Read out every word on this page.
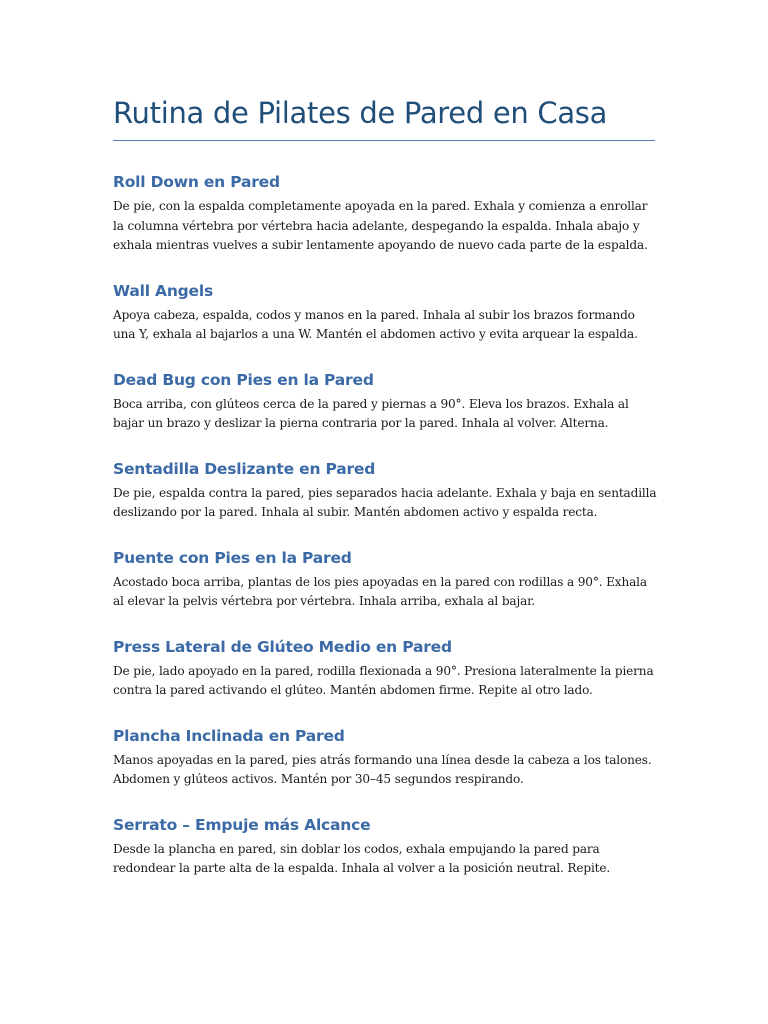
Rutina de Pilates de Pared en Casa
Roll Down en Pared

De pie, con la espalda completamente apoyada en la pared. Exhala y comienza a enrollar la columna vértebra por vértebra hacia adelante, despegando la espalda. Inhala abajo y exhala mientras vuelves a subir lentamente apoyando de nuevo cada parte de la espalda.

Wall Angels

Apoya cabeza, espalda, codos y manos en la pared. Inhala al subir los brazos formando una Y, exhala al bajarlos a una W. Mantén el abdomen activo y evita arquear la espalda.

Dead Bug con Pies en la Pared

Boca arriba, con glúteos cerca de la pared y piernas a 90°. Eleva los brazos. Exhala al bajar un brazo y deslizar la pierna contraria por la pared. Inhala al volver. Alterna.

Sentadilla Deslizante en Pared

De pie, espalda contra la pared, pies separados hacia adelante. Exhala y baja en sentadilla deslizando por la pared. Inhala al subir. Mantén abdomen activo y espalda recta.

Puente con Pies en la Pared

Acostado boca arriba, plantas de los pies apoyadas en la pared con rodillas a 90°. Exhala al elevar la pelvis vértebra por vértebra. Inhala arriba, exhala al bajar.

Press Lateral de Glúteo Medio en Pared

De pie, lado apoyado en la pared, rodilla flexionada a 90°. Presiona lateralmente la pierna contra la pared activando el glúteo. Mantén abdomen firme. Repite al otro lado.

Plancha Inclinada en Pared

Manos apoyadas en la pared, pies atrás formando una línea desde la cabeza a los talones. Abdomen y glúteos activos. Mantén por 30–45 segundos respirando.

Serrato – Empuje más Alcance

Desde la plancha en pared, sin doblar los codos, exhala empujando la pared para redondear la parte alta de la espalda. Inhala al volver a la posición neutral. Repite.
